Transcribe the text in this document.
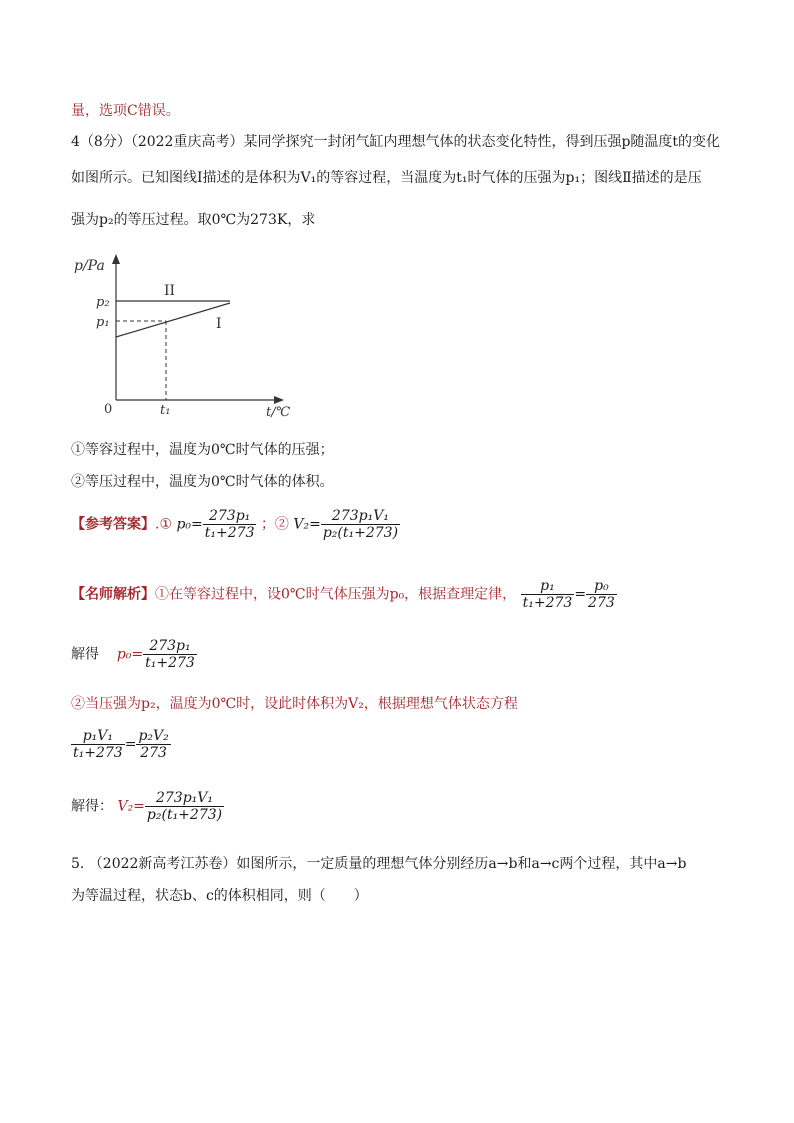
量，选项C错误。
4（8分）（2022重庆高考）某同学探究一封闭气缸内理想气体的状态变化特性，得到压强p随温度t的变化
如图所示。已知图线Ⅰ描述的是体积为V₁的等容过程，当温度为t₁时气体的压强为p₁；图线Ⅱ描述的是压
强为p₂的等压过程。取0℃为273K，求
p/Pa
t/℃
0	t₁
p₂
p₁
II
I
①等容过程中，温度为0℃时气体的压强；
②等压过程中，温度为0℃时气体的体积。
【参考答案】.① $p_0= \frac{\text{273p₁}}{\text{t₁+273}}$ ；② $V_2= \frac{\text{273p₁V₁}}{\text{p₂(t₁+273)}}$
【名师解析】①在等容过程中，设0℃时气体压强为p₀，根据查理定律， $\frac{\text{p₁}}{\text{t₁+273}} = \frac{\text{p₀}}{273}$
解得 $p_0= \frac{\text{273p₁}}{\text{t₁+273}}$
②当压强为p₂，温度为0℃时，设此时体积为V₂，根据理想气体状态方程
$\frac{\text{p₁V₁}}{\text{t₁+273}} = \frac{\text{p₂V₂}}{273}$
解得： $V_2= \frac{\text{273p₁V₁}}{\text{p₂(t₁+273)}}$
5. （2022新高考江苏卷）如图所示，一定质量的理想气体分别经历a→b和a→c两个过程，其中a→b
为等温过程，状态b、c的体积相同，则（　　）
